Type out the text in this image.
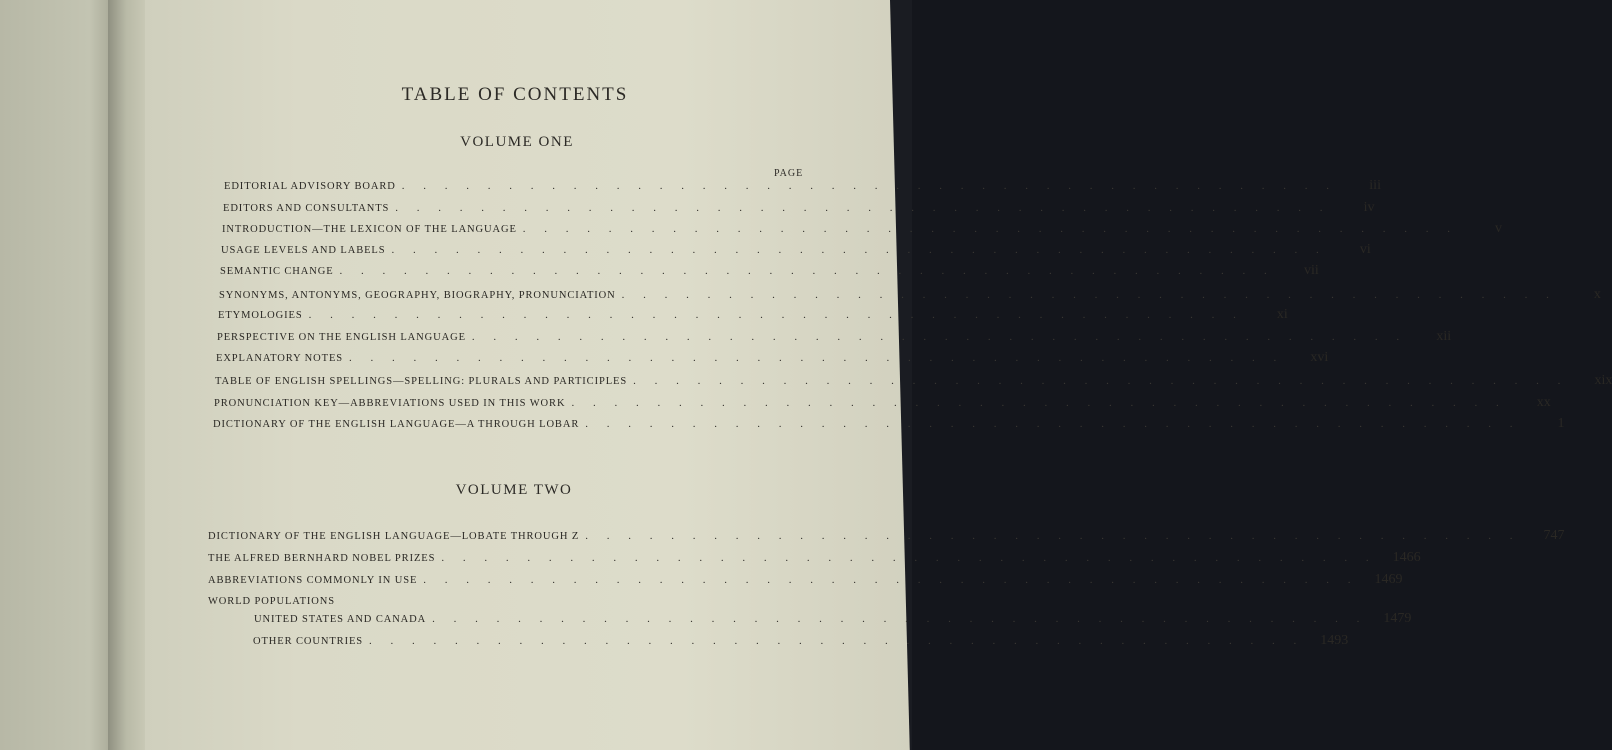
TABLE OF CONTENTS
VOLUME ONE
PAGE
EDITORIAL ADVISORY BOARD . . . . . . . . . . . . . . . . . . . . . . . . . . . . . . . . . . . . . . . . . . . .	iii
EDITORS AND CONSULTANTS . . . . . . . . . . . . . . . . . . . . . . . . . . . . . . . . . . . . . . . . . . . .	iv
INTRODUCTION—THE LEXICON OF THE LANGUAGE . . . . . . . . . . . . . . . . . . . . . . . . . . . . . . . . . . . . . . . . . . . .	v
USAGE LEVELS AND LABELS . . . . . . . . . . . . . . . . . . . . . . . . . . . . . . . . . . . . . . . . . . . .	vi
SEMANTIC CHANGE . . . . . . . . . . . . . . . . . . . . . . . . . . . . . . . . . . . . . . . . . . . .	vii
SYNONYMS, ANTONYMS, GEOGRAPHY, BIOGRAPHY, PRONUNCIATION . . . . . . . . . . . . . . . . . . . . . . . . . . . . . . . . . . . . . . . . . . . .	x
ETYMOLOGIES . . . . . . . . . . . . . . . . . . . . . . . . . . . . . . . . . . . . . . . . . . . .	xi
PERSPECTIVE ON THE ENGLISH LANGUAGE . . . . . . . . . . . . . . . . . . . . . . . . . . . . . . . . . . . . . . . . . . . .	xii
EXPLANATORY NOTES . . . . . . . . . . . . . . . . . . . . . . . . . . . . . . . . . . . . . . . . . . . .	xvi
TABLE OF ENGLISH SPELLINGS—SPELLING: PLURALS AND PARTICIPLES . . . . . . . . . . . . . . . . . . . . . . . . . . . . . . . . . . . . . . . . . . . .	xix
PRONUNCIATION KEY—ABBREVIATIONS USED IN THIS WORK . . . . . . . . . . . . . . . . . . . . . . . . . . . . . . . . . . . . . . . . . . . .	xx
DICTIONARY OF THE ENGLISH LANGUAGE—A THROUGH LOBAR . . . . . . . . . . . . . . . . . . . . . . . . . . . . . . . . . . . . . . . . . . . .	1
VOLUME TWO
DICTIONARY OF THE ENGLISH LANGUAGE—LOBATE THROUGH Z . . . . . . . . . . . . . . . . . . . . . . . . . . . . . . . . . . . . . . . . . . . .	747
THE ALFRED BERNHARD NOBEL PRIZES . . . . . . . . . . . . . . . . . . . . . . . . . . . . . . . . . . . . . . . . . . . .	1466
ABBREVIATIONS COMMONLY IN USE . . . . . . . . . . . . . . . . . . . . . . . . . . . . . . . . . . . . . . . . . . . .	1469
WORLD POPULATIONS
UNITED STATES AND CANADA . . . . . . . . . . . . . . . . . . . . . . . . . . . . . . . . . . . . . . . . . . . .	1479
OTHER COUNTRIES . . . . . . . . . . . . . . . . . . . . . . . . . . . . . . . . . . . . . . . . . . . .	1493
